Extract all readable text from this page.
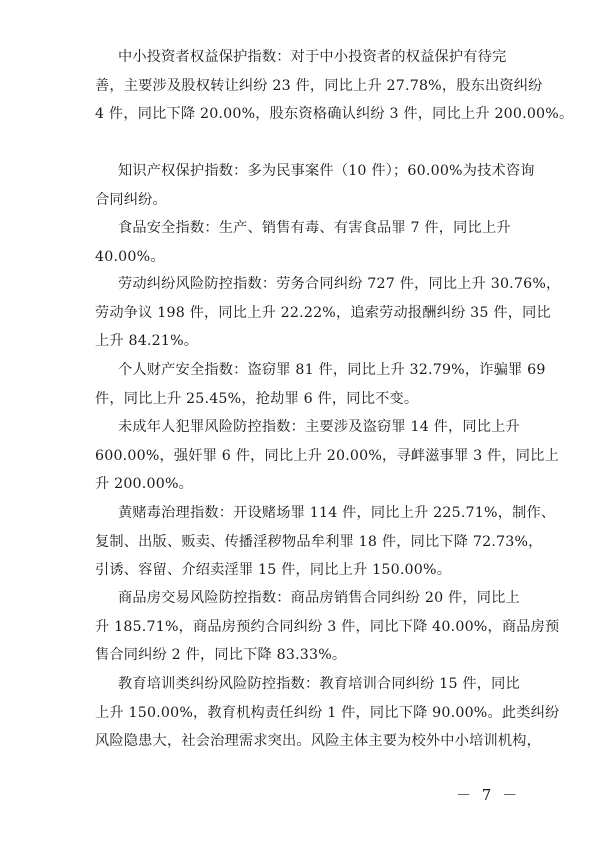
中小投资者权益保护指数：对于中小投资者的权益保护有待完
善，主要涉及股权转让纠纷 23 件，同比上升 27.78%，股东出资纠纷
4 件，同比下降 20.00%，股东资格确认纠纷 3 件，同比上升 200.00%。
知识产权保护指数：多为民事案件（10 件）；60.00%为技术咨询
合同纠纷。
食品安全指数：生产、销售有毒、有害食品罪 7 件，同比上升
40.00%。
劳动纠纷风险防控指数：劳务合同纠纷 727 件，同比上升 30.76%，
劳动争议 198 件，同比上升 22.22%，追索劳动报酬纠纷 35 件，同比
上升 84.21%。
个人财产安全指数：盗窃罪 81 件，同比上升 32.79%，诈骗罪 69
件，同比上升 25.45%，抢劫罪 6 件，同比不变。
未成年人犯罪风险防控指数：主要涉及盗窃罪 14 件，同比上升
600.00%，强奸罪 6 件，同比上升 20.00%，寻衅滋事罪 3 件，同比上
升 200.00%。
黄赌毒治理指数：开设赌场罪 114 件，同比上升 225.71%，制作、
复制、出版、贩卖、传播淫秽物品牟利罪 18 件，同比下降 72.73%，
引诱、容留、介绍卖淫罪 15 件，同比上升 150.00%。
商品房交易风险防控指数：商品房销售合同纠纷 20 件，同比上
升 185.71%，商品房预约合同纠纷 3 件，同比下降 40.00%，商品房预
售合同纠纷 2 件，同比下降 83.33%。
教育培训类纠纷风险防控指数：教育培训合同纠纷 15 件，同比
上升 150.00%，教育机构责任纠纷 1 件，同比下降 90.00%。此类纠纷
风险隐患大，社会治理需求突出。风险主体主要为校外中小培训机构，
－ 7 －
